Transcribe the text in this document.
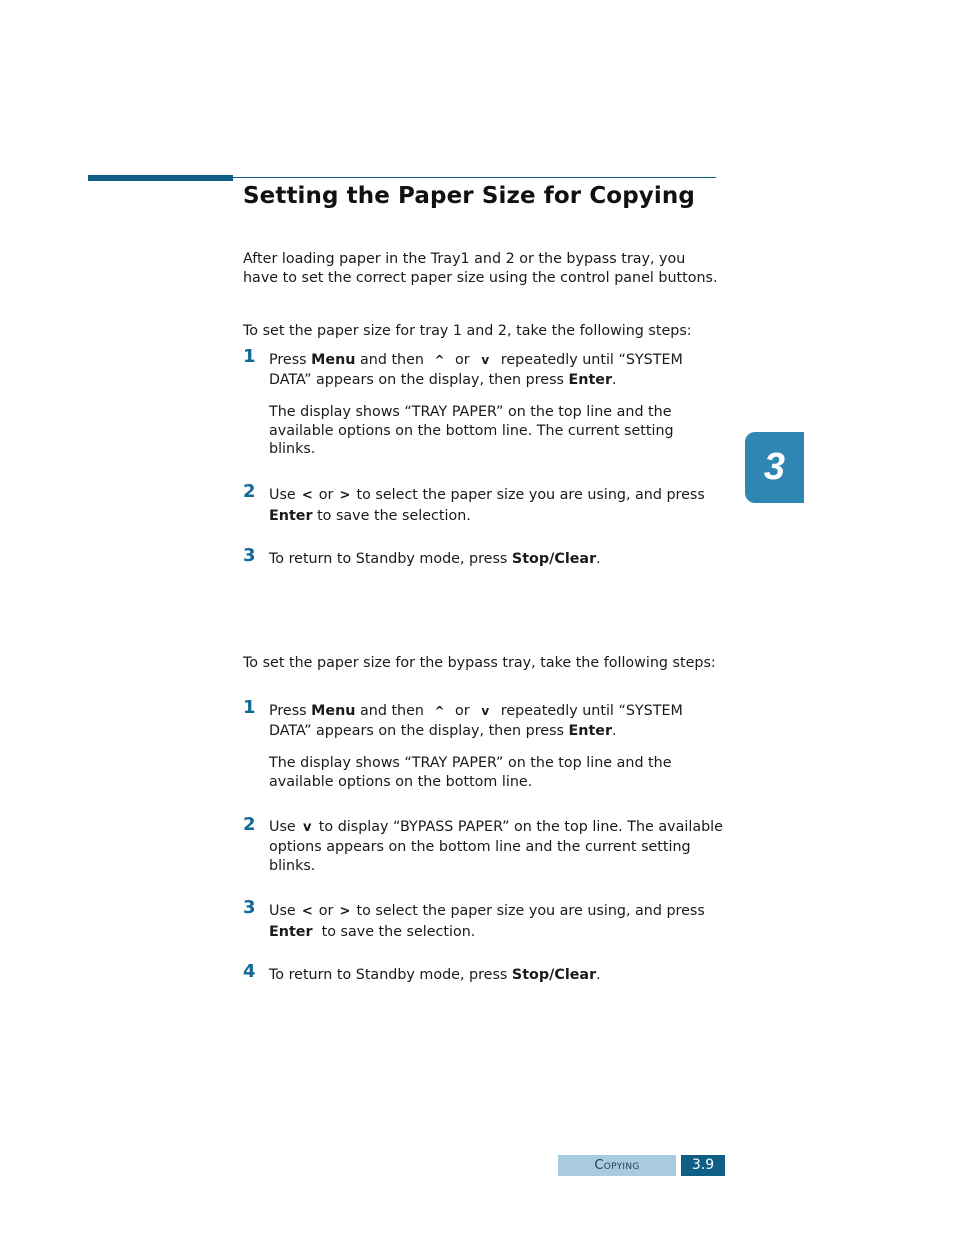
Setting the Paper Size for Copying

After loading paper in the Tray1 and 2 or the bypass tray, you have to set the correct paper size using the control panel buttons.

To set the paper size for tray 1 and 2, take the following steps:

1 Press Menu and then ^ or v repeatedly until “SYSTEM DATA” appears on the display, then press Enter.

The display shows “TRAY PAPER” on the top line and the available options on the bottom line. The current setting blinks.

2 Use < or > to select the paper size you are using, and press Enter to save the selection.

3 To return to Standby mode, press Stop/Clear.

To set the paper size for the bypass tray, take the following steps:

1 Press Menu and then ^ or v repeatedly until “SYSTEM DATA” appears on the display, then press Enter.

The display shows “TRAY PAPER” on the top line and the available options on the bottom line.

2 Use v to display “BYPASS PAPER” on the top line. The available options appears on the bottom line and the current setting blinks.

3 Use < or > to select the paper size you are using, and press Enter  to save the selection.

4 To return to Standby mode, press Stop/Clear.

3
Copying	3.9
